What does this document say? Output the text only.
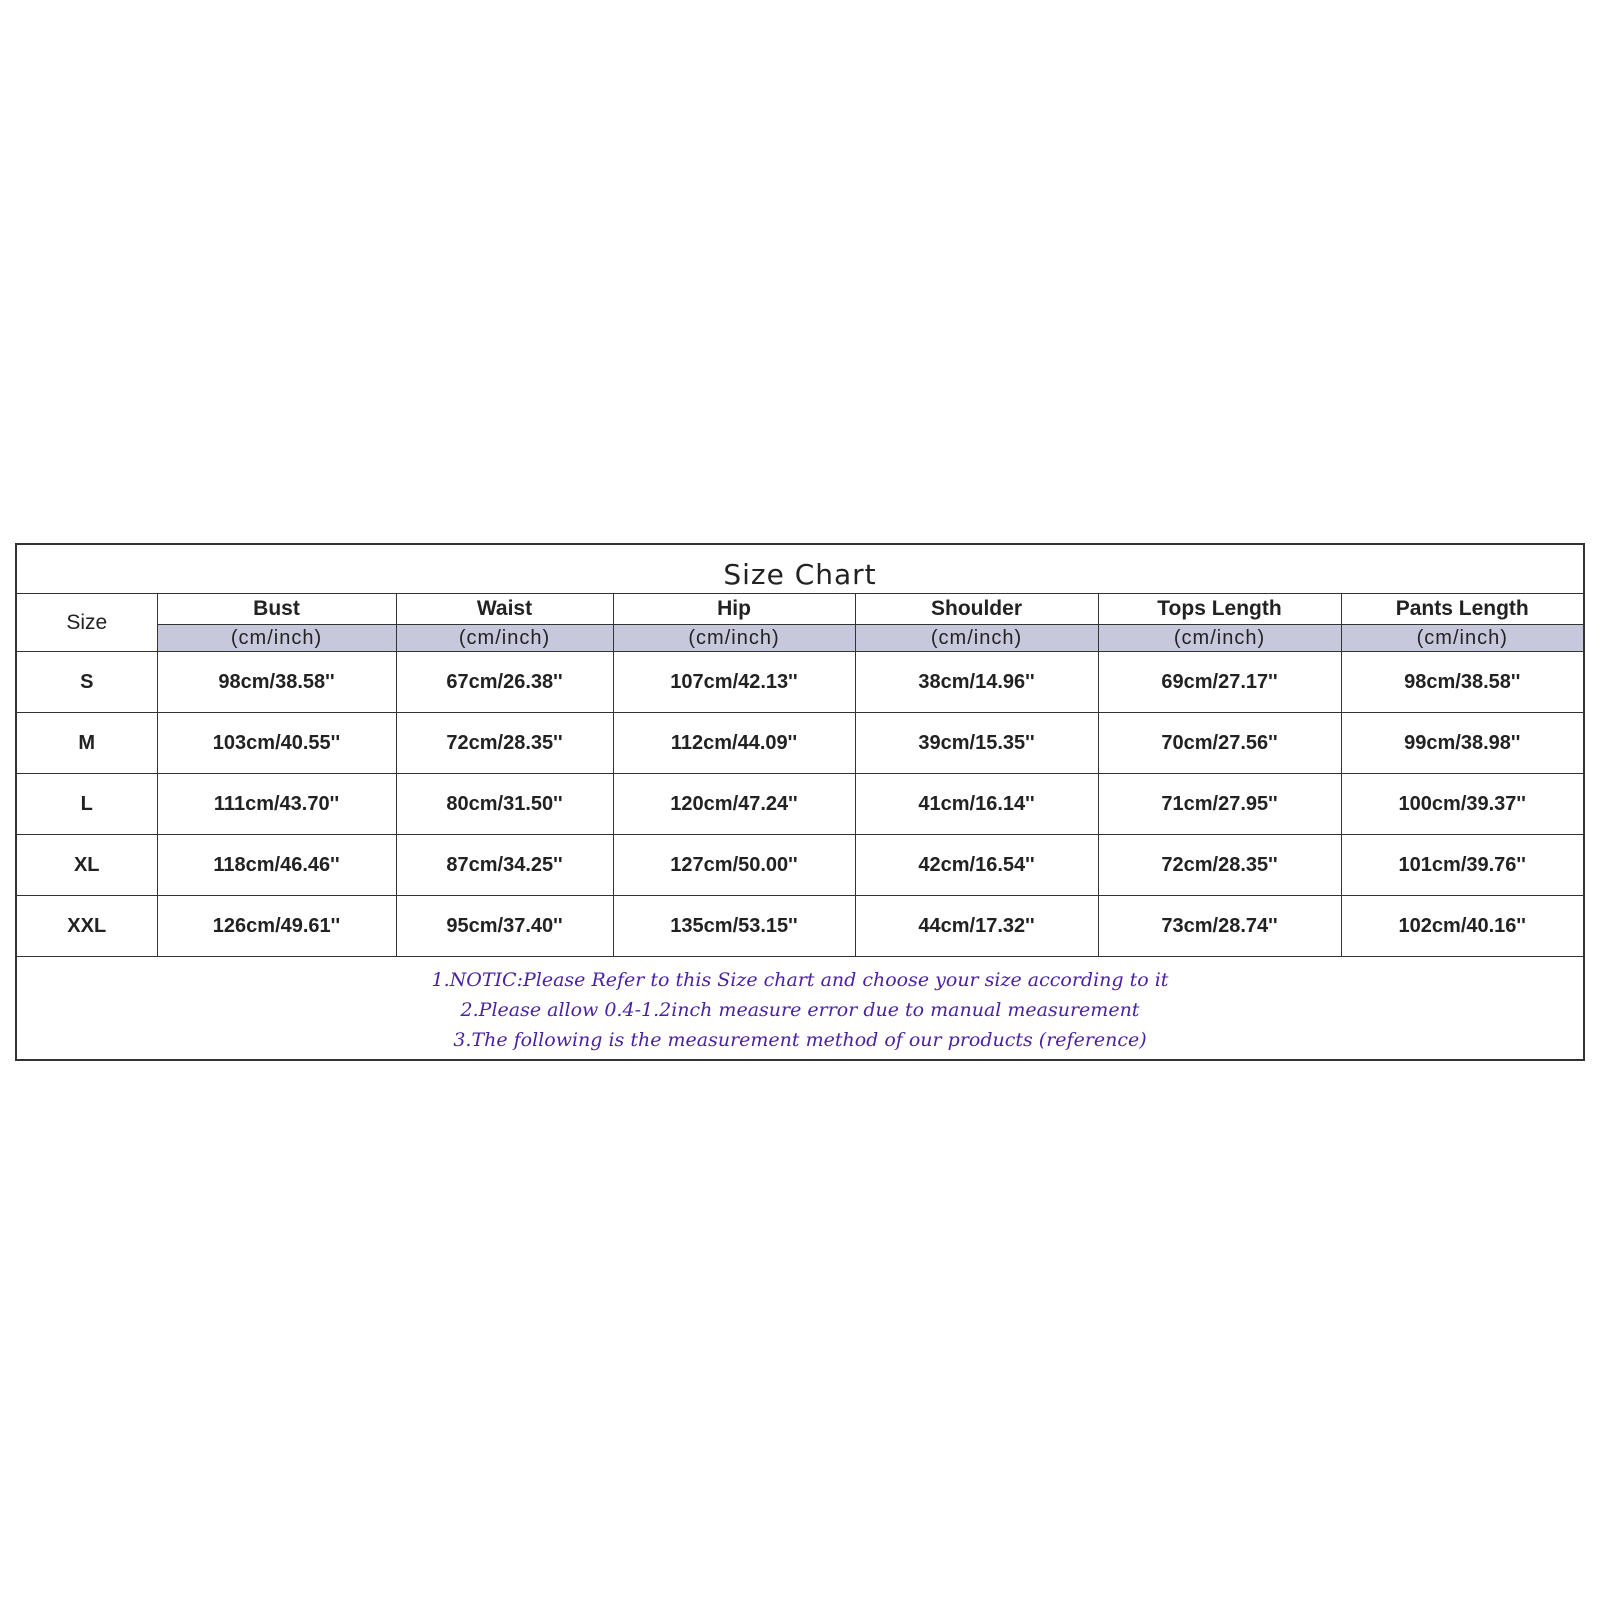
Size Chart
Size	Bust	Waist	Hip	Shoulder	Tops Length	Pants Length
	(cm/inch)	(cm/inch)	(cm/inch)	(cm/inch)	(cm/inch)	(cm/inch)
S	98cm/38.58''	67cm/26.38''	107cm/42.13''	38cm/14.96''	69cm/27.17''	98cm/38.58''
M	103cm/40.55''	72cm/28.35''	112cm/44.09''	39cm/15.35''	70cm/27.56''	99cm/38.98''
L	111cm/43.70''	80cm/31.50''	120cm/47.24''	41cm/16.14''	71cm/27.95''	100cm/39.37''
XL	118cm/46.46''	87cm/34.25''	127cm/50.00''	42cm/16.54''	72cm/28.35''	101cm/39.76''
XXL	126cm/49.61''	95cm/37.40''	135cm/53.15''	44cm/17.32''	73cm/28.74''	102cm/40.16''
1.NOTIC:Please Refer to this Size chart and choose your size according to it
2.Please allow 0.4-1.2inch measure error due to manual measurement
3.The following is the measurement method of our products (reference)
